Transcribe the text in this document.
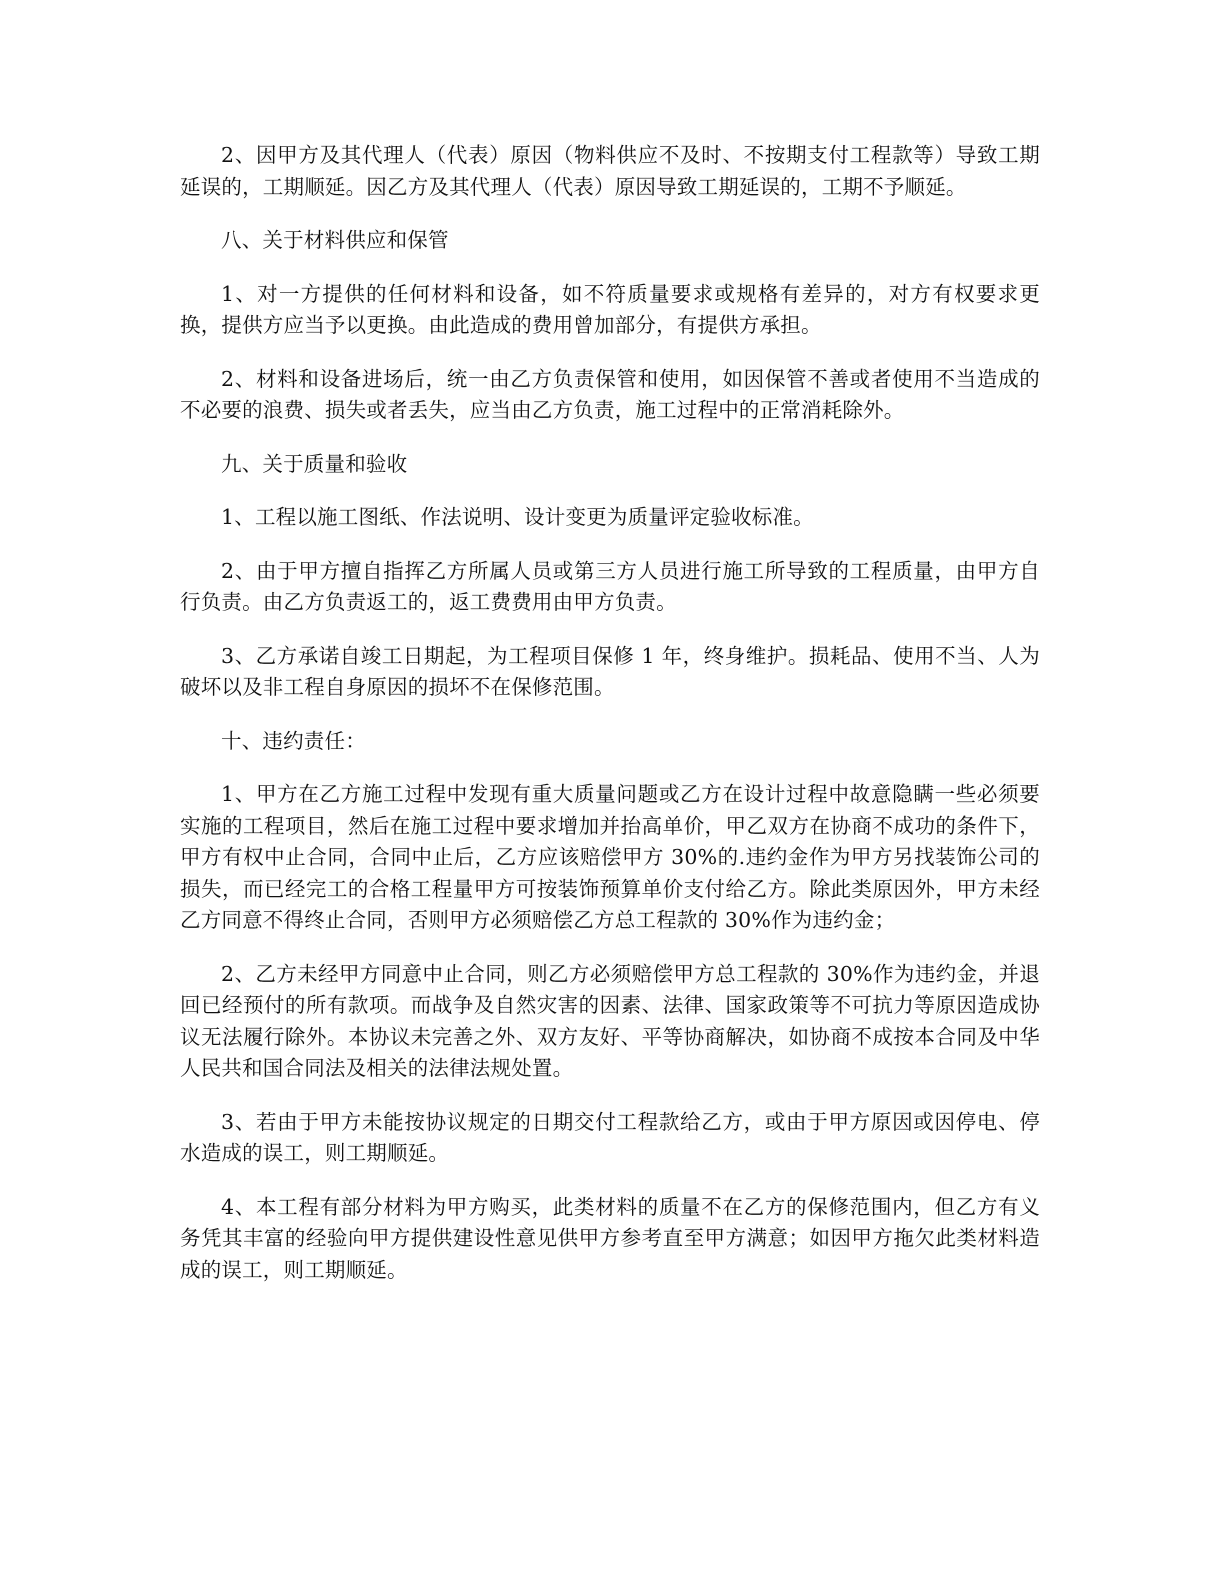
2、因甲方及其代理人（代表）原因（物料供应不及时、不按期支付工程款等）导致工期延误的，工期顺延。因乙方及其代理人（代表）原因导致工期延误的，工期不予顺延。

八、关于材料供应和保管

1、对一方提供的任何材料和设备，如不符质量要求或规格有差异的，对方有权要求更换，提供方应当予以更换。由此造成的费用曾加部分，有提供方承担。

2、材料和设备进场后，统一由乙方负责保管和使用，如因保管不善或者使用不当造成的不必要的浪费、损失或者丢失，应当由乙方负责，施工过程中的正常消耗除外。

九、关于质量和验收

1、工程以施工图纸、作法说明、设计变更为质量评定验收标准。

2、由于甲方擅自指挥乙方所属人员或第三方人员进行施工所导致的工程质量，由甲方自行负责。由乙方负责返工的，返工费费用由甲方负责。

3、乙方承诺自竣工日期起，为工程项目保修 1 年，终身维护。损耗品、使用不当、人为破坏以及非工程自身原因的损坏不在保修范围。

十、违约责任：

1、甲方在乙方施工过程中发现有重大质量问题或乙方在设计过程中故意隐瞒一些必须要实施的工程项目，然后在施工过程中要求增加并抬高单价，甲乙双方在协商不成功的条件下，甲方有权中止合同，合同中止后，乙方应该赔偿甲方 30%的.违约金作为甲方另找装饰公司的损失，而已经完工的合格工程量甲方可按装饰预算单价支付给乙方。除此类原因外，甲方未经乙方同意不得终止合同，否则甲方必须赔偿乙方总工程款的 30%作为违约金；

2、乙方未经甲方同意中止合同，则乙方必须赔偿甲方总工程款的 30%作为违约金，并退回已经预付的所有款项。而战争及自然灾害的因素、法律、国家政策等不可抗力等原因造成协议无法履行除外。本协议未完善之外、双方友好、平等协商解决，如协商不成按本合同及中华人民共和国合同法及相关的法律法规处置。

3、若由于甲方未能按协议规定的日期交付工程款给乙方，或由于甲方原因或因停电、停水造成的误工，则工期顺延。

4、本工程有部分材料为甲方购买，此类材料的质量不在乙方的保修范围内，但乙方有义务凭其丰富的经验向甲方提供建设性意见供甲方参考直至甲方满意；如因甲方拖欠此类材料造成的误工，则工期顺延。
